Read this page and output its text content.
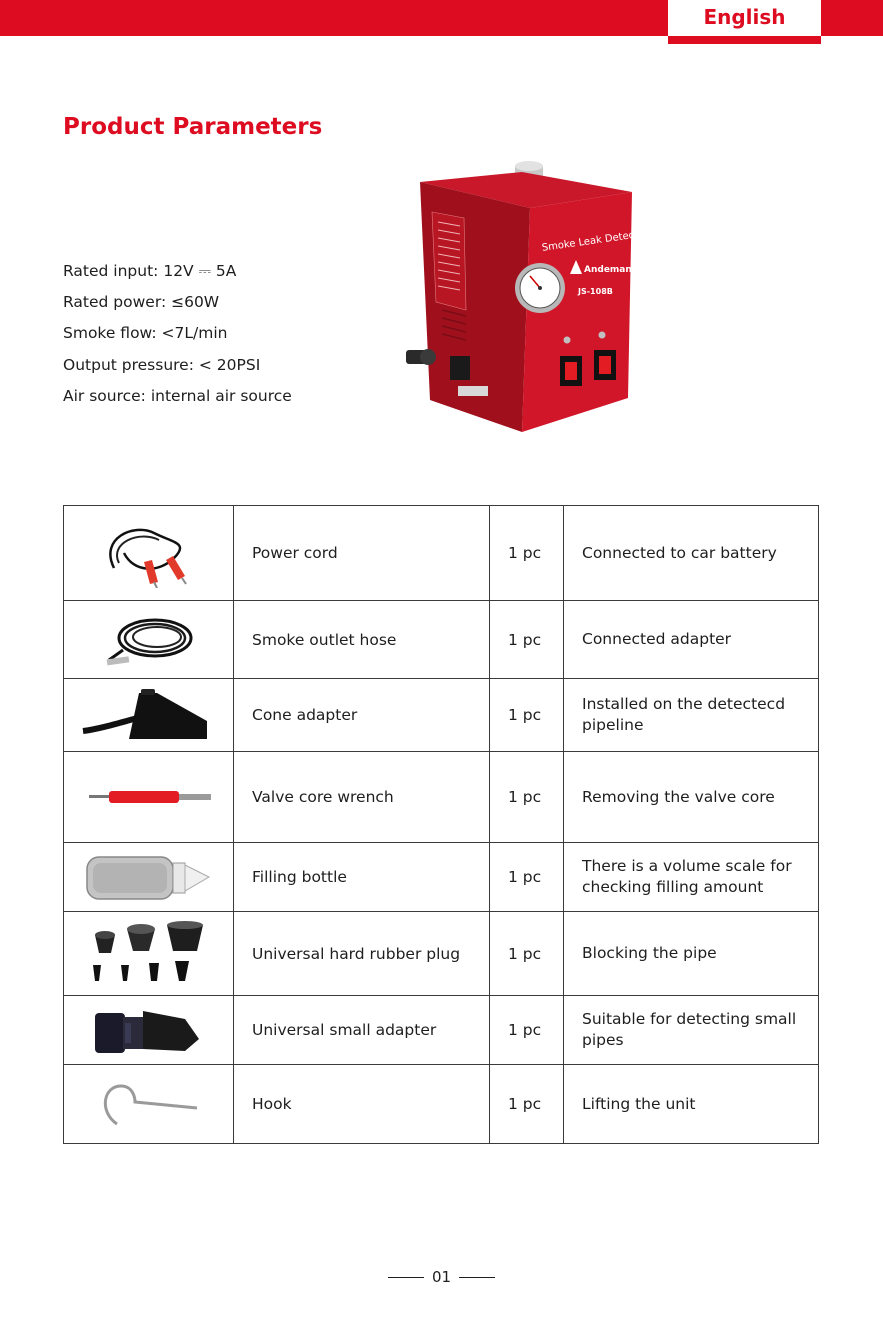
English
Product Parameters
Rated input: 12V ⎓ 5A
Rated power: ≤60W
Smoke flow: <7L/min
Output pressure: < 20PSI
Air source: internal air source
Smoke Leak Detector
Andeman
JS-108B
	Power cord	1 pc	Connected to car battery

	Smoke outlet hose	1 pc	Connected adapter

	Cone adapter	1 pc	Installed on the detectecd pipeline

	Valve core wrench	1 pc	Removing the valve core

	Filling bottle	1 pc	There is a volume scale for checking filling amount

	Universal hard rubber plug	1 pc	Blocking the pipe

	Universal small adapter	1 pc	Suitable for detecting small pipes

	Hook	1 pc	Lifting the unit
01
